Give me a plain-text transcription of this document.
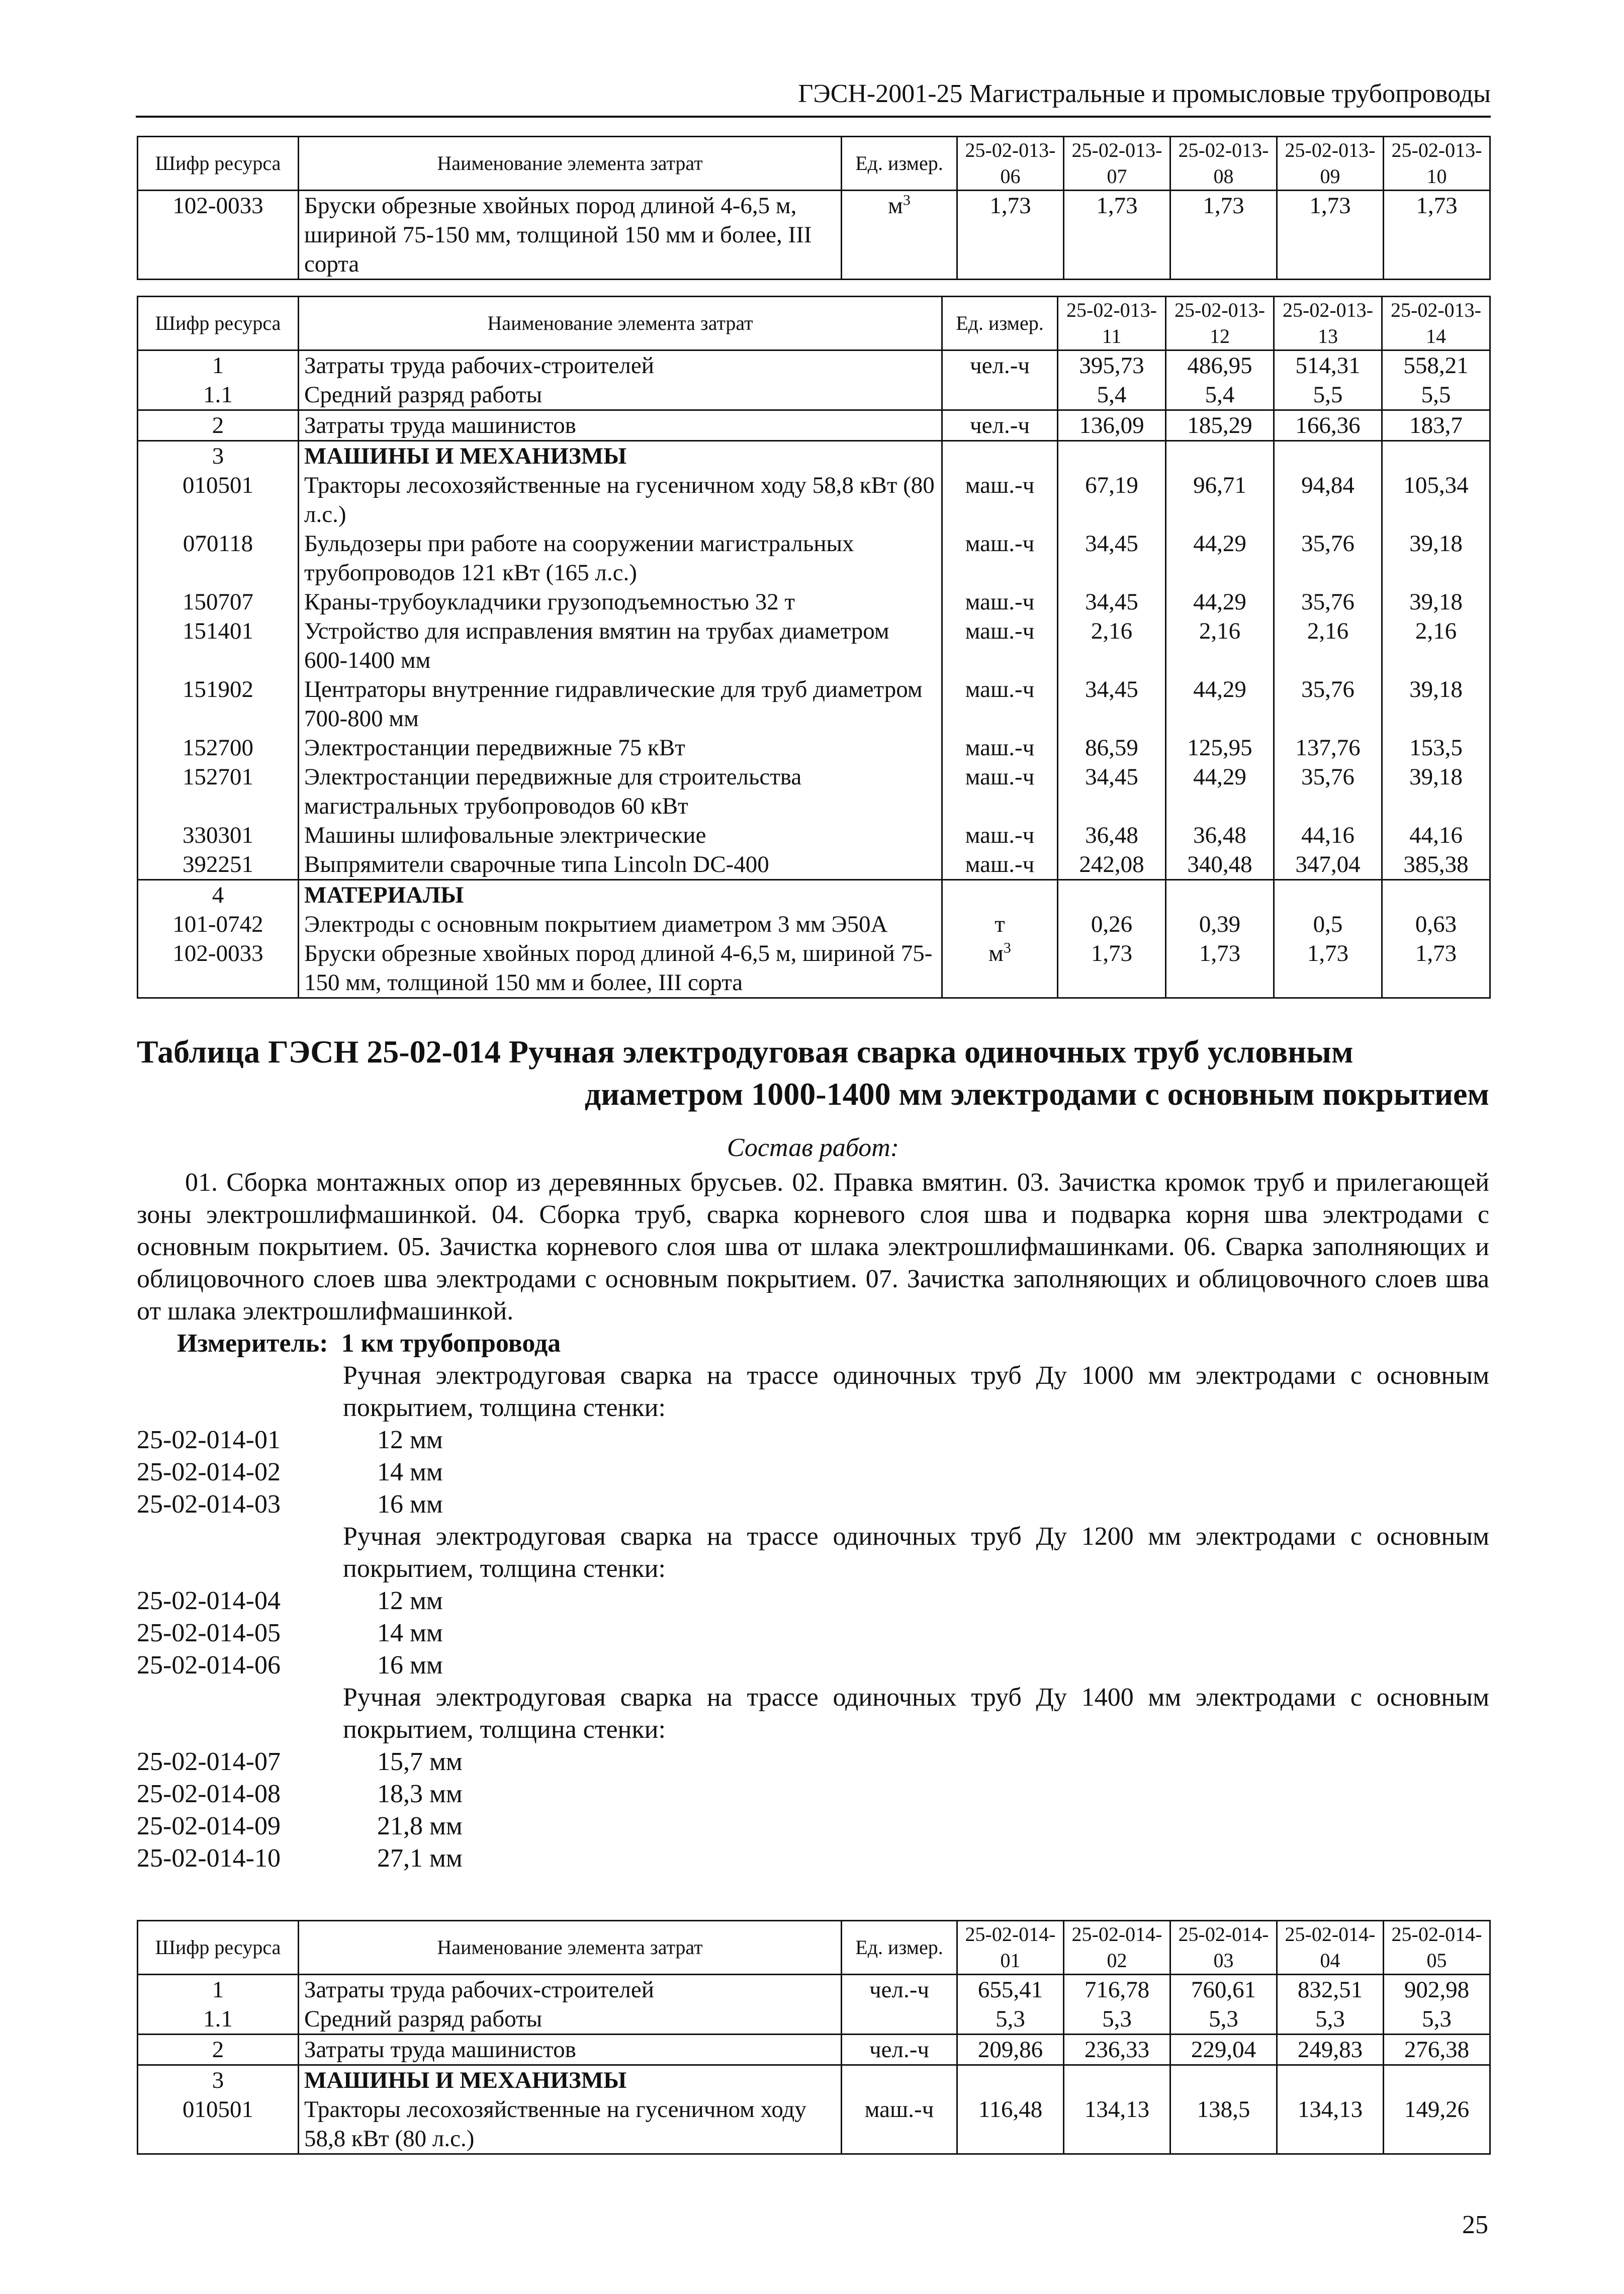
ГЭСН-2001-25 Магистральные и промысловые трубопроводы
Шифр ресурса	Наименование элемента затрат	Ед. измер.	25-02-013-06	25-02-013-07	25-02-013-08	25-02-013-09	25-02-013-10
102-0033	Бруски обрезные хвойных пород длиной 4-6,5 м, шириной 75-150 мм, толщиной 150 мм и более, III сорта	$м^3$	1,73	1,73	1,73	1,73	1,73
Шифр ресурса	Наименование элемента затрат	Ед. измер.	25-02-013-11	25-02-013-12	25-02-013-13	25-02-013-14
1	Затраты труда рабочих-строителей	чел.-ч	395,73	486,95	514,31	558,21
1.1	Средний разряд работы		5,4	5,4	5,5	5,5
2	Затраты труда машинистов	чел.-ч	136,09	185,29	166,36	183,7
3	МАШИНЫ И МЕХАНИЗМЫ					
010501	Тракторы лесохозяйственные на гусеничном ходу 58,8 кВт (80 л.с.)	маш.-ч	67,19	96,71	94,84	105,34
070118	Бульдозеры при работе на сооружении магистральных трубопроводов 121 кВт (165 л.с.)	маш.-ч	34,45	44,29	35,76	39,18
150707	Краны-трубоукладчики грузоподъемностью 32 т	маш.-ч	34,45	44,29	35,76	39,18
151401	Устройство для исправления вмятин на трубах диаметром 600-1400 мм	маш.-ч	2,16	2,16	2,16	2,16
151902	Центраторы внутренние гидравлические для труб диаметром 700-800 мм	маш.-ч	34,45	44,29	35,76	39,18
152700	Электростанции передвижные 75 кВт	маш.-ч	86,59	125,95	137,76	153,5
152701	Электростанции передвижные для строительства магистральных трубопроводов 60 кВт	маш.-ч	34,45	44,29	35,76	39,18
330301	Машины шлифовальные электрические	маш.-ч	36,48	36,48	44,16	44,16
392251	Выпрямители сварочные типа Lincoln DC-400	маш.-ч	242,08	340,48	347,04	385,38
4	МАТЕРИАЛЫ					
101-0742	Электроды с основным покрытием диаметром 3 мм Э50А	т	0,26	0,39	0,5	0,63
102-0033	Бруски обрезные хвойных пород длиной 4-6,5 м, шириной 75-150 мм, толщиной 150 мм и более, III сорта	$м^3$	1,73	1,73	1,73	1,73
Таблица ГЭСН 25-02-014 Ручная электродуговая сварка одиночных труб условным
диаметром 1000-1400 мм электродами с основным покрытием
Состав работ:
01. Сборка монтажных опор из деревянных брусьев. 02. Правка вмятин. 03. Зачистка кромок труб и прилегающей зоны электрошлифмашинкой. 04. Сборка труб, сварка корневого слоя шва и подварка корня шва электродами с основным покрытием. 05. Зачистка корневого слоя шва от шлака электрошлифмашинками. 06. Сварка заполняющих и облицовочного слоев шва электродами с основным покрытием. 07. Зачистка заполняющих и облицовочного слоев шва от шлака электрошлифмашинкой.
Измеритель: 1 км трубопровода
Ручная электродуговая сварка на трассе одиночных труб Ду 1000 мм электродами с основным покрытием, толщина стенки:
25-02-014-01	12 мм
25-02-014-02	14 мм
25-02-014-03	16 мм
Ручная электродуговая сварка на трассе одиночных труб Ду 1200 мм электродами с основным покрытием, толщина стенки:
25-02-014-04	12 мм
25-02-014-05	14 мм
25-02-014-06	16 мм
Ручная электродуговая сварка на трассе одиночных труб Ду 1400 мм электродами с основным покрытием, толщина стенки:
25-02-014-07	15,7 мм
25-02-014-08	18,3 мм
25-02-014-09	21,8 мм
25-02-014-10	27,1 мм
Шифр ресурса	Наименование элемента затрат	Ед. измер.	25-02-014-01	25-02-014-02	25-02-014-03	25-02-014-04	25-02-014-05
1	Затраты труда рабочих-строителей	чел.-ч	655,41	716,78	760,61	832,51	902,98
1.1	Средний разряд работы		5,3	5,3	5,3	5,3	5,3
2	Затраты труда машинистов	чел.-ч	209,86	236,33	229,04	249,83	276,38
3	МАШИНЫ И МЕХАНИЗМЫ						
010501	Тракторы лесохозяйственные на гусеничном ходу 58,8 кВт (80 л.с.)	маш.-ч	116,48	134,13	138,5	134,13	149,26
25
